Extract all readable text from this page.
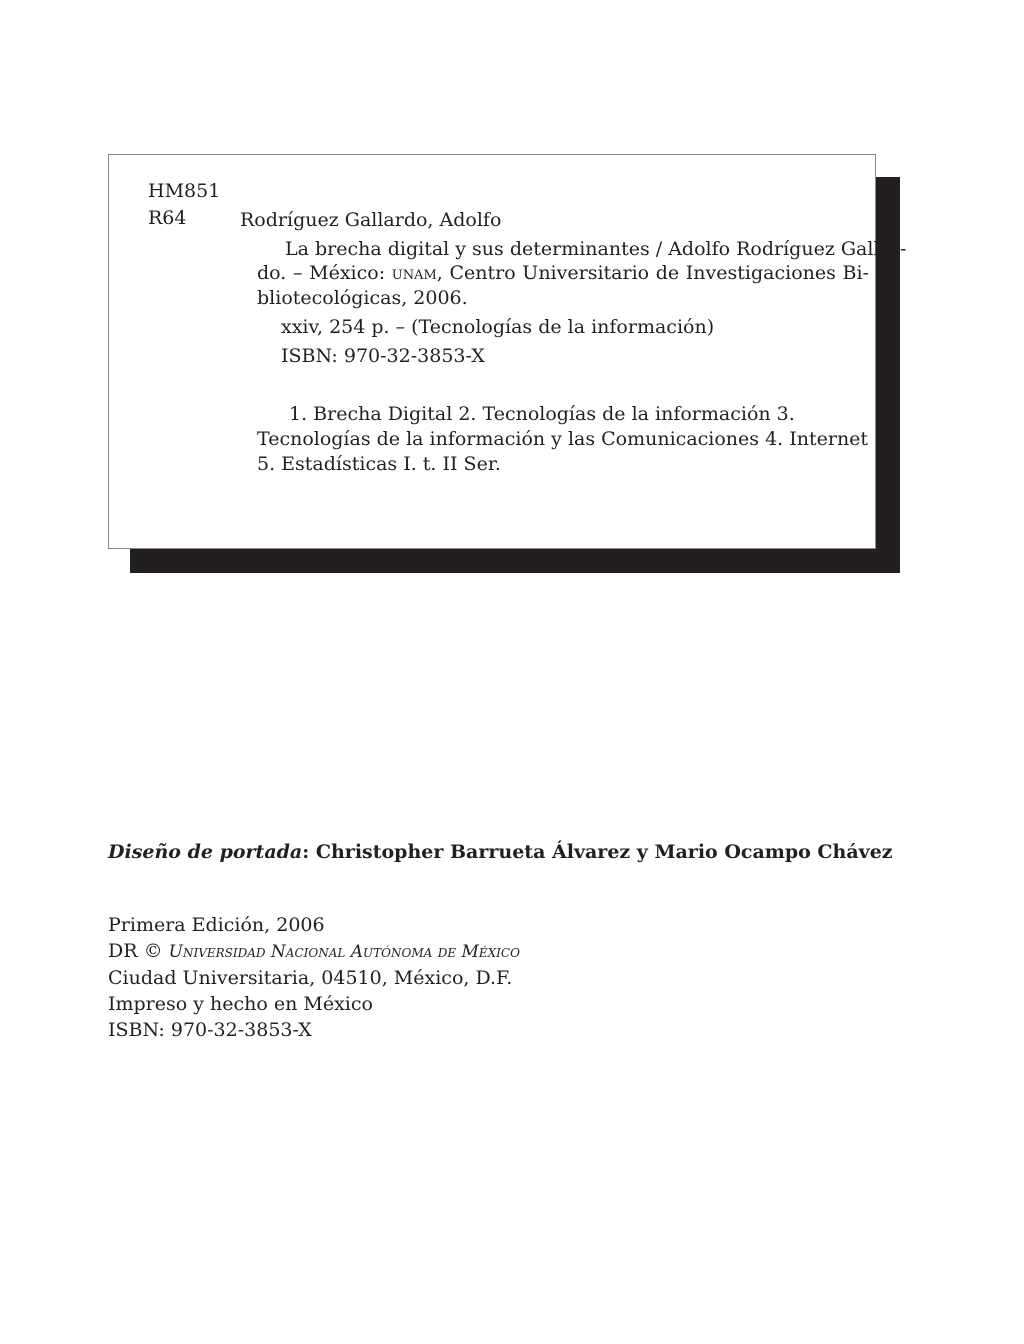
HM851

R64	Rodríguez Gallardo, Adolfo

La brecha digital y sus determinantes / Adolfo Rodríguez Gallar-

do. – México: unam, Centro Universitario de Investigaciones Bi-

bliotecológicas, 2006.

xxiv, 254 p. – (Tecnologías de la información)

ISBN: 970-32-3853-X

1. Brecha Digital 2. Tecnologías de la información 3.

Tecnologías de la información y las Comunicaciones 4. Internet

5. Estadísticas I. t. II Ser.

Diseño de portada: Christopher Barrueta Álvarez y Mario Ocampo Chávez

Primera Edición, 2006
DR © Universidad Nacional Autónoma de México
Ciudad Universitaria, 04510, México, D.F.
Impreso y hecho en México
ISBN: 970-32-3853-X
